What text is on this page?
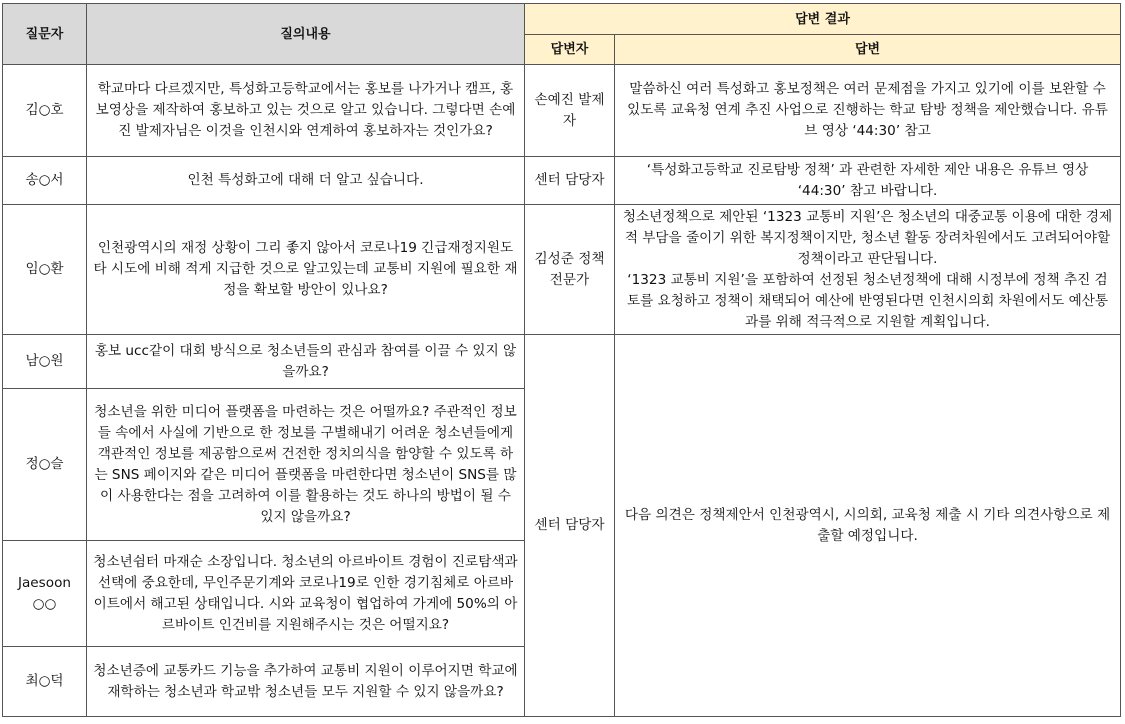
질문자	질의내용	답변 결과	
		답변자	답변
김○호	학교마다 다르겠지만, 특성화고등학교에서는 홍보를 나가거나 캠프, 홍보영상을 제작하여 홍보하고 있는 것으로 알고 있습니다. 그렇다면 손예진 발제자님은 이것을 인천시와 연계하여 홍보하자는 것인가요?	손예진 발제자	말씀하신 여러 특성화고 홍보정책은 여러 문제점을 가지고 있기에 이를 보완할 수 있도록 교육청 연계 추진 사업으로 진행하는 학교 탐방 정책을 제안했습니다. 유튜브 영상 ‘44:30’ 참고
송○서	인천 특성화고에 대해 더 알고 싶습니다.	센터 담당자	‘특성화고등학교 진로탐방 정책’ 과 관련한 자세한 제안 내용은 유튜브 영상 ‘44:30’ 참고 바랍니다.
임○환	인천광역시의 재정 상황이 그리 좋지 않아서 코로나19 긴급재정지원도 타 시도에 비해 적게 지급한 것으로 알고있는데 교통비 지원에 필요한 재정을 확보할 방안이 있나요?	김성준 정책전문가	청소년정책으로 제안된 ‘1323 교통비 지원’은 청소년의 대중교통 이용에 대한 경제적 부담을 줄이기 위한 복지정책이지만, 청소년 활동 장려차원에서도 고려되어야할 정책이라고 판단됩니다.
‘1323 교통비 지원’을 포함하여 선정된 청소년정책에 대해 시정부에 정책 추진 검토를 요청하고 정책이 채택되어 예산에 반영된다면 인천시의회 차원에서도 예산통과를 위해 적극적으로 지원할 계획입니다.

남○원	홍보 ucc같이 대회 방식으로 청소년들의 관심과 참여를 이끌 수 있지 않을까요?	센터 담당자	다음 의견은 정책제안서 인천광역시, 시의회, 교육청 제출 시 기타 의견사항으로 제출할 예정입니다.
정○슬	청소년을 위한 미디어 플랫폼을 마련하는 것은 어떨까요? 주관적인 정보들 속에서 사실에 기반으로 한 정보를 구별해내기 어려운 청소년들에게 객관적인 정보를 제공함으로써 건전한 정치의식을 함양할 수 있도록 하는 SNS 페이지와 같은 미디어 플랫폼을 마련한다면 청소년이 SNS를 많이 사용한다는 점을 고려하여 이를 활용하는 것도 하나의 방법이 될 수 있지 않을까요?		
Jaesoon ○○	청소년쉼터 마재순 소장입니다. 청소년의 아르바이트 경험이 진로탐색과 선택에 중요한데, 무인주문기계와 코로나19로 인한 경기침체로 아르바이트에서 해고된 상태입니다. 시와 교육청이 협업하여 가게에 50%의 아르바이트 인건비를 지원해주시는 것은 어떨지요?		
최○덕	청소년증에 교통카드 기능을 추가하여 교통비 지원이 이루어지면 학교에 재학하는 청소년과 학교밖 청소년들 모두 지원할 수 있지 않을까요?		
